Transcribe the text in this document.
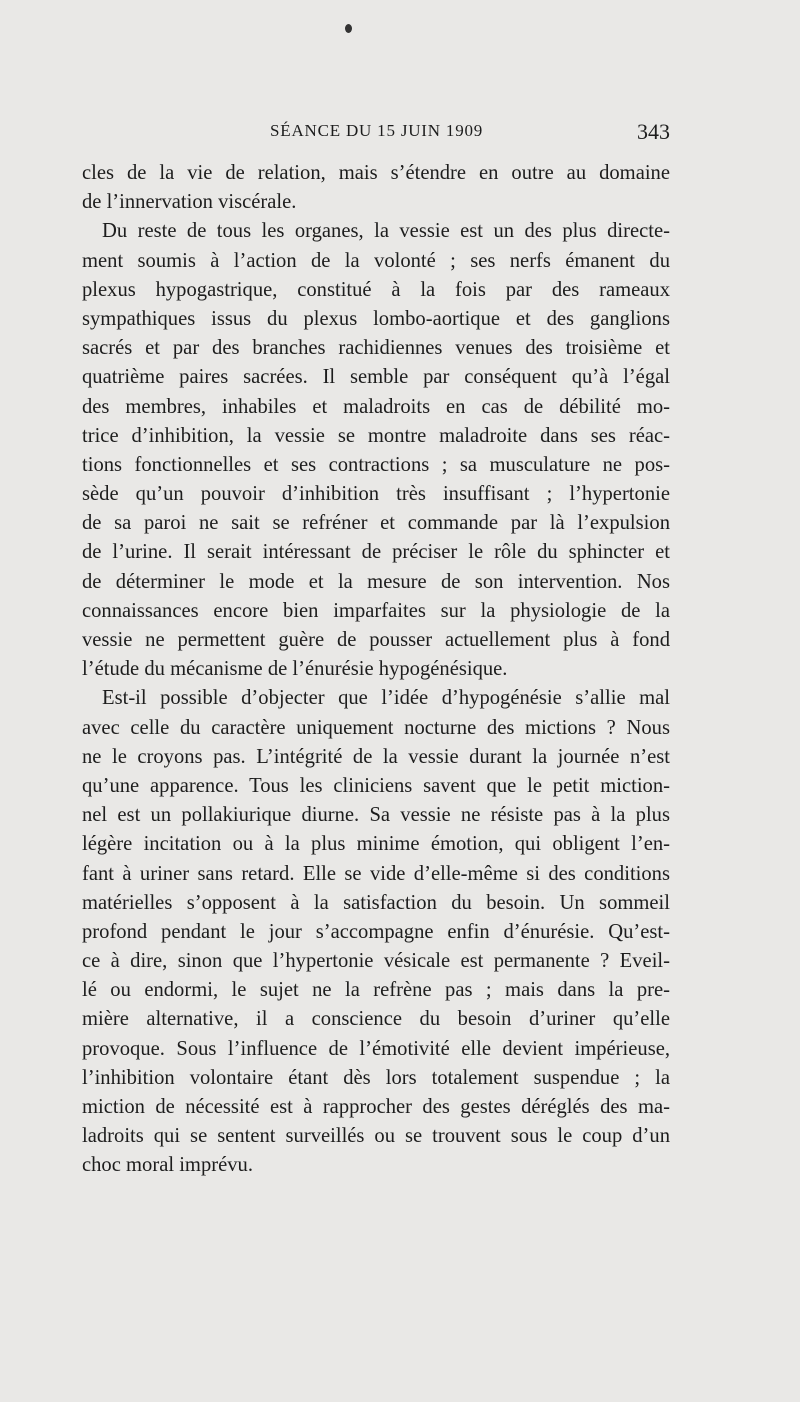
SÉANCE DU 15 JUIN 1909	343
cles de la vie de relation, mais s’étendre en outre au domaine
de l’innervation viscérale.
Du reste de tous les organes, la vessie est un des plus directe-
ment soumis à l’action de la volonté ; ses nerfs émanent du
plexus hypogastrique, constitué à la fois par des rameaux
sympathiques issus du plexus lombo-aortique et des ganglions
sacrés et par des branches rachidiennes venues des troisième et
quatrième paires sacrées. Il semble par conséquent qu’à l’égal
des membres, inhabiles et maladroits en cas de débilité mo-
trice d’inhibition, la vessie se montre maladroite dans ses réac-
tions fonctionnelles et ses contractions ; sa musculature ne pos-
sède qu’un pouvoir d’inhibition très insuffisant ; l’hypertonie
de sa paroi ne sait se refréner et commande par là l’expulsion
de l’urine. Il serait intéressant de préciser le rôle du sphincter et
de déterminer le mode et la mesure de son intervention. Nos
connaissances encore bien imparfaites sur la physiologie de la
vessie ne permettent guère de pousser actuellement plus à fond
l’étude du mécanisme de l’énurésie hypogénésique.
Est-il possible d’objecter que l’idée d’hypogénésie s’allie mal
avec celle du caractère uniquement nocturne des mictions ? Nous
ne le croyons pas. L’intégrité de la vessie durant la journée n’est
qu’une apparence. Tous les cliniciens savent que le petit miction-
nel est un pollakiurique diurne. Sa vessie ne résiste pas à la plus
légère incitation ou à la plus minime émotion, qui obligent l’en-
fant à uriner sans retard. Elle se vide d’elle-même si des conditions
matérielles s’opposent à la satisfaction du besoin. Un sommeil
profond pendant le jour s’accompagne enfin d’énurésie. Qu’est-
ce à dire, sinon que l’hypertonie vésicale est permanente ? Eveil-
lé ou endormi, le sujet ne la refrène pas ; mais dans la pre-
mière alternative, il a conscience du besoin d’uriner qu’elle
provoque. Sous l’influence de l’émotivité elle devient impérieuse,
l’inhibition volontaire étant dès lors totalement suspendue ; la
miction de nécessité est à rapprocher des gestes déréglés des ma-
ladroits qui se sentent surveillés ou se trouvent sous le coup d’un
choc moral imprévu.
